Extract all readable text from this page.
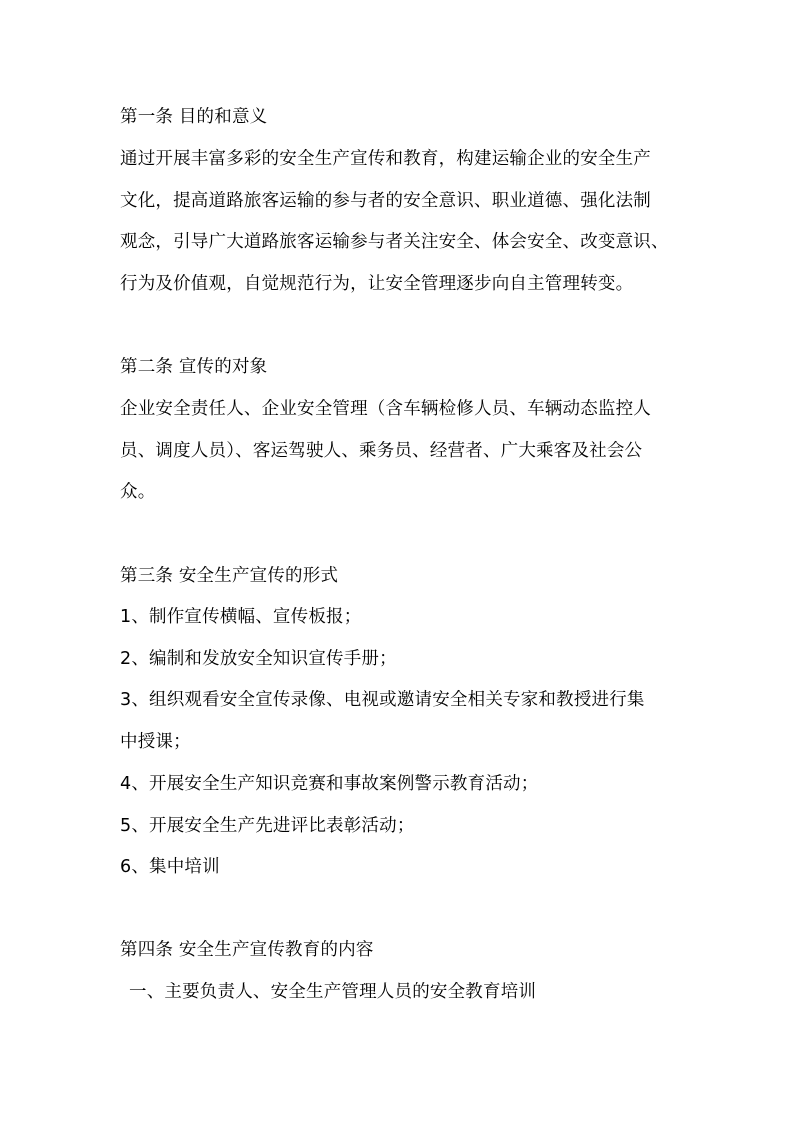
第一条 目的和意义
通过开展丰富多彩的安全生产宣传和教育，构建运输企业的安全生产
文化，提高道路旅客运输的参与者的安全意识、职业道德、强化法制
观念，引导广大道路旅客运输参与者关注安全、体会安全、改变意识、
行为及价值观，自觉规范行为，让安全管理逐步向自主管理转变。
第二条 宣传的对象
企业安全责任人、企业安全管理（含车辆检修人员、车辆动态监控人
员、调度人员）、客运驾驶人、乘务员、经营者、广大乘客及社会公
众。
第三条 安全生产宣传的形式
1、制作宣传横幅、宣传板报；
2、编制和发放安全知识宣传手册；
3、组织观看安全宣传录像、电视或邀请安全相关专家和教授进行集
中授课；
4、开展安全生产知识竞赛和事故案例警示教育活动；
5、开展安全生产先进评比表彰活动；
6、集中培训
第四条 安全生产宣传教育的内容
一、主要负责人、安全生产管理人员的安全教育培训
